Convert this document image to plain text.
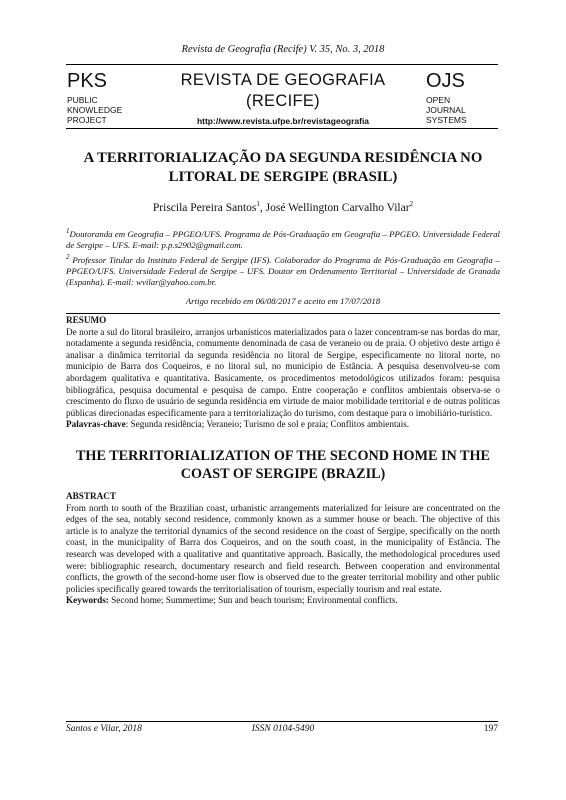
Revista de Geografia (Recife) V. 35, No. 3, 2018
PKS
PUBLIC
KNOWLEDGE
PROJECT
REVISTA DE GEOGRAFIA
(RECIFE)
http://www.revista.ufpe.br/revistageografia
OJS
OPEN
JOURNAL
SYSTEMS
A TERRITORIALIZAÇÃO DA SEGUNDA RESIDÊNCIA NO
LITORAL DE SERGIPE (BRASIL)
Priscila Pereira Santos$^1$, José Wellington Carvalho Vilar$^2$
$^1$Doutoranda em Geografia – PPGEO/UFS. Programa de Pós-Graduação em Geografia – PPGEO. Universidade Federal de Sergipe – UFS. E-mail: p.p.s2902@gmail.com.
$^2$ Professor Titular do Instituto Federal de Sergipe (IFS). Colaborador do Programa de Pós-Graduação em Geografia – PPGEO/UFS. Universidade Federal de Sergipe – UFS. Doutor em Ordenamento Territorial – Universidade de Granada (Espanha). E-mail: wvilar@yahoo.com.br.
Artigo recebido em 06/08/2017 e aceito em 17/07/2018
RESUMO
De norte a sul do litoral brasileiro, arranjos urbanísticos materializados para o lazer concentram-se nas bordas do mar, notadamente a segunda residência, comumente denominada de casa de veraneio ou de praia. O objetivo deste artigo é analisar a dinâmica territorial da segunda residência no litoral de Sergipe, especificamente no litoral norte, no município de Barra dos Coqueiros, e no litoral sul, no município de Estância. A pesquisa desenvolveu-se com abordagem qualitativa e quantitativa. Basicamente, os procedimentos metodológicos utilizados foram: pesquisa bibliográfica, pesquisa documental e pesquisa de campo. Entre cooperação e conflitos ambientais observa-se o crescimento do fluxo de usuário de segunda residência em virtude de maior mobilidade territorial e de outras políticas públicas direcionadas especificamente para a territorialização do turismo, com destaque para o imobiliário-turístico.
Palavras-chave: Segunda residência; Veraneio; Turismo de sol e praia; Conflitos ambientais.
THE TERRITORIALIZATION OF THE SECOND HOME IN THE
COAST OF SERGIPE (BRAZIL)
ABSTRACT
From north to south of the Brazilian coast, urbanistic arrangements materialized for leisure are concentrated on the edges of the sea, notably second residence, commonly known as a summer house or beach. The objective of this article is to analyze the territorial dynamics of the second residence on the coast of Sergipe, specifically on the north coast, in the municipality of Barra dos Coqueiros, and on the south coast, in the municipality of Estância. The research was developed with a qualitative and quantitative approach. Basically, the methodological procedures used were: bibliographic research, documentary research and field research. Between cooperation and environmental conflicts, the growth of the second-home user flow is observed due to the greater territorial mobility and other public policies specifically geared towards the territorialisation of tourism, especially tourism and real estate.
Keywords: Second home; Summertime; Sun and beach tourism; Environmental conflicts.
Santos e Vilar, 2018	ISSN 0104-5490	197
